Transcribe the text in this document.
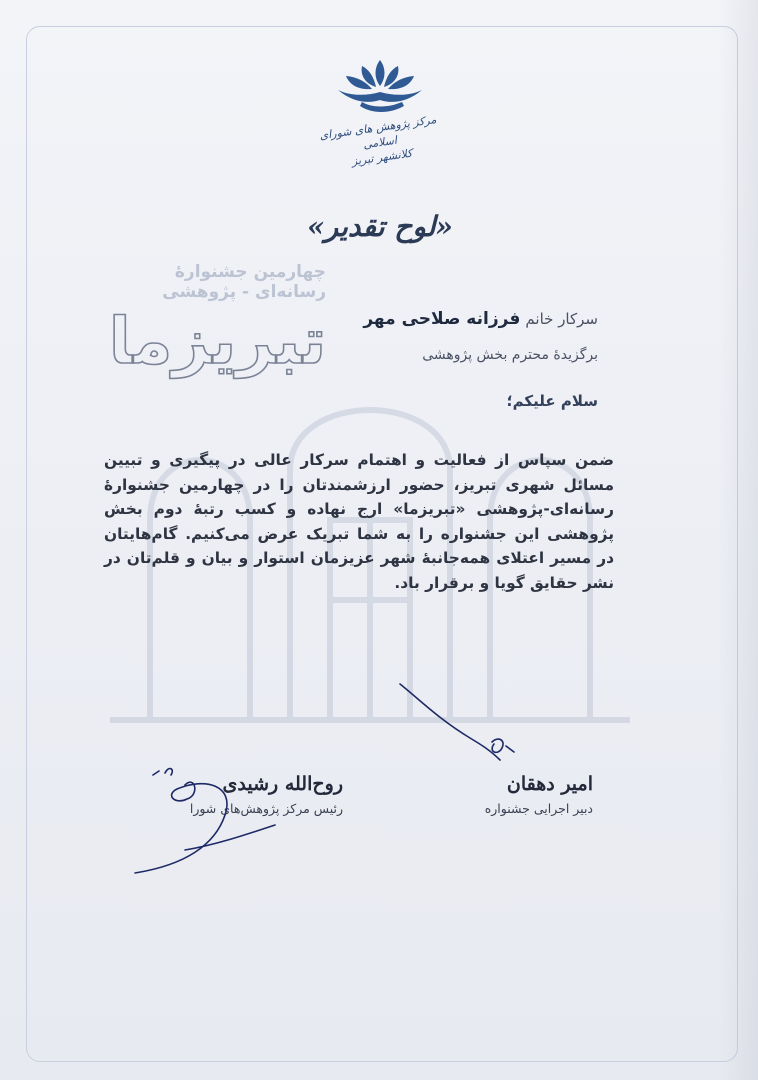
مرکز پژوهش های شورای اسلامی
کلانشهر تبریز
«لوح تقدیر»
چهارمین جشنوارهٔ
رسانه‌ای - پژوهشی
تبریزما	سرکار خانم فرزانه صلاحی مهر
برگزیدهٔ محترم بخش پژوهشی
سلام علیکم؛
ضمن سپاس از فعالیت و اهتمام سرکار عالی در پیگیری و تبیین مسائل شهری تبریز، حضور ارزشمندتان را در چهارمین جشنوارهٔ رسانه‌ای-پژوهشی «تبریزما» ارج نهاده و کسب رتبهٔ دوم بخش پژوهشی این جشنواره را به شما تبریک عرض می‌کنیم. گام‌هایتان در مسیر اعتلای همه‌جانبهٔ شهر عزیزمان استوار و بیان و قلم‌تان در نشر حقایق گویا و برقرار باد.
روح‌الله رشیدی
رئیس مرکز پژوهش‌های شورا
امیر دهقان
دبیر اجرایی جشنواره
